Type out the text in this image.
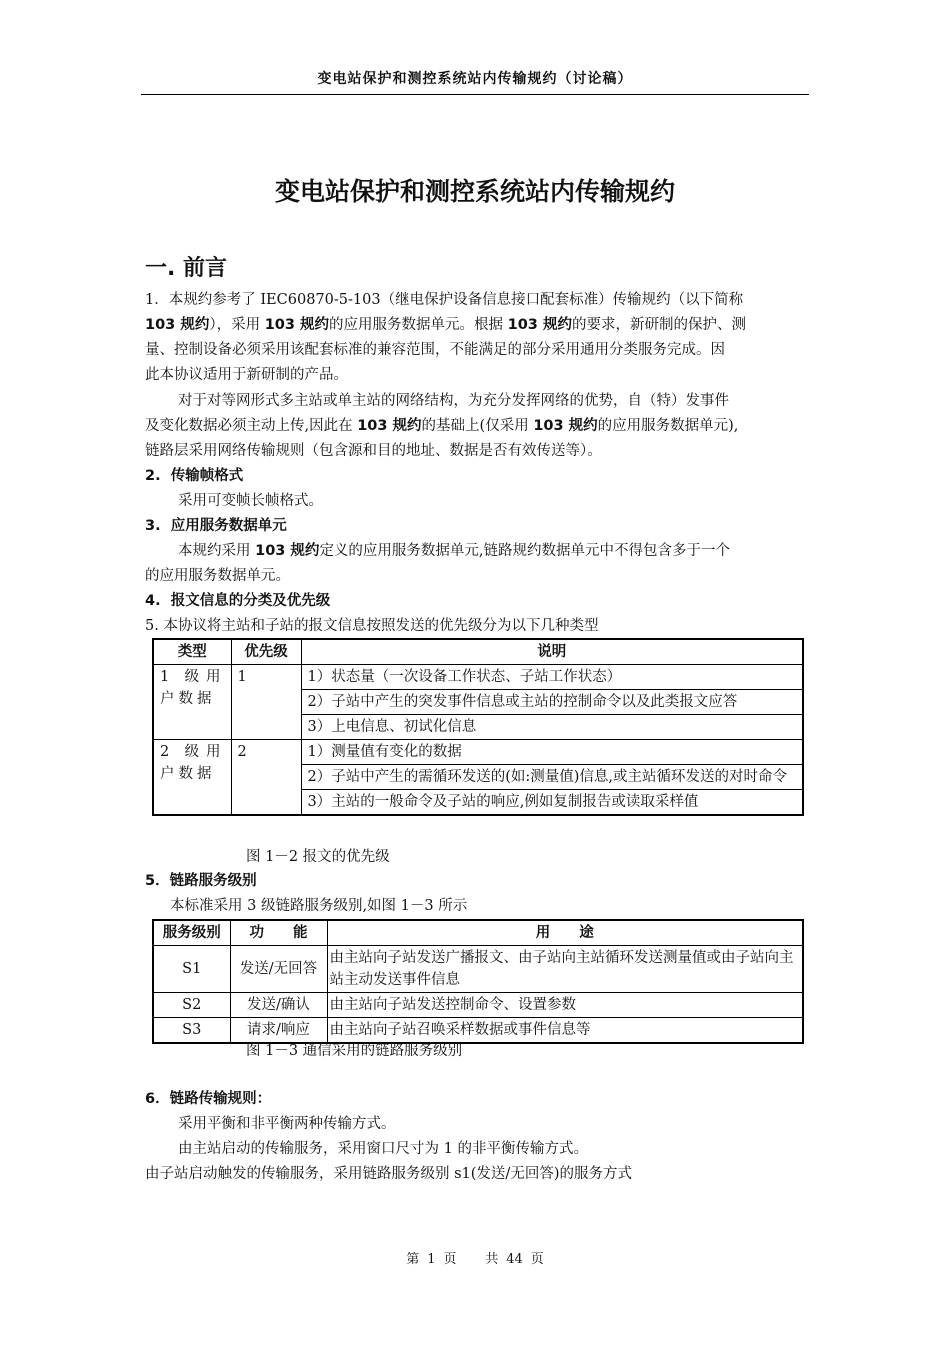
变电站保护和测控系统站内传输规约（讨论稿）
变电站保护和测控系统站内传输规约
一. 前言
1．本规约参考了 IEC60870-5-103（继电保护设备信息接口配套标准）传输规约（以下简称
103 规约），采用 103 规约的应用服务数据单元。根据 103 规约的要求，新研制的保护、测
量、控制设备必须采用该配套标准的兼容范围，不能满足的部分采用通用分类服务完成。因
此本协议适用于新研制的产品。
对于对等网形式多主站或单主站的网络结构，为充分发挥网络的优势，自（特）发事件
及变化数据必须主动上传,因此在 103 规约的基础上(仅采用 103 规约的应用服务数据单元),
链路层采用网络传输规则（包含源和目的地址、数据是否有效传送等）。
2. 传输帧格式
采用可变帧长帧格式。
3. 应用服务数据单元
本规约采用 103 规约定义的应用服务数据单元,链路规约数据单元中不得包含多于一个
的应用服务数据单元。
4. 报文信息的分类及优先级
5. 本协议将主站和子站的报文信息按照发送的优先级分为以下几种类型
类型	优先级	说明
1 级用户数据	1	1）状态量（一次设备工作状态、子站工作状态）
		2）子站中产生的突发事件信息或主站的控制命令以及此类报文应答
		3）上电信息、初试化信息
2 级用户数据	2	1）测量值有变化的数据
		2）子站中产生的需循环发送的(如:测量值)信息,或主站循环发送的对时命令
		3）主站的一般命令及子站的响应,例如复制报告或读取采样值
图 1－2 报文的优先级
5．链路服务级别
本标准采用 3 级链路服务级别,如图 1－3 所示
服务级别	功　　能	用　　途
S1	发送/无回答	由主站向子站发送广播报文、由子站向主站循环发送测量值或由子站向主站主动发送事件信息
S2	发送/确认	由主站向子站发送控制命令、设置参数
S3	请求/响应	由主站向子站召唤采样数据或事件信息等
图 1－3 通信采用的链路服务级别
6．链路传输规则：
采用平衡和非平衡两种传输方式。
由主站启动的传输服务，采用窗口尺寸为 1 的非平衡传输方式。
由子站启动触发的传输服务，采用链路服务级别 s1(发送/无回答)的服务方式
第 1 页 共 44 页
